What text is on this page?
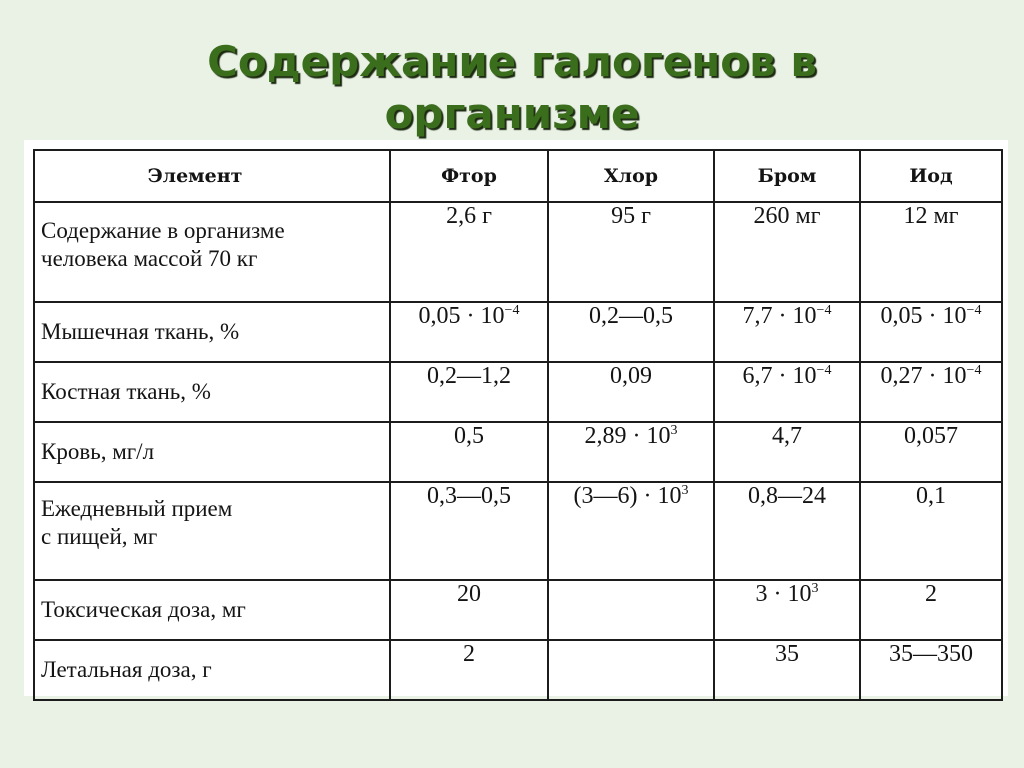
Содержание галогенов в
организме
Элемент	Фтор	Хлор	Бром	Иод

Содержание в организме
человека массой 70 кг	2,6 г	95 г	260 мг	12 мг
Мышечная ткань, %	$0,05 \cdot 10^{-4}$	0,2—0,5	$7,7 \cdot 10^{-4}$	$0,05 \cdot 10^{-4}$
Костная ткань, %	0,2—1,2	0,09	$6,7 \cdot 10^{-4}$	$0,27 \cdot 10^{-4}$
Кровь, мг/л	0,5	$2,89 \cdot 10^3$	4,7	0,057

Ежедневный прием
с пищей, мг	0,3—0,5	(3—6) · $10^3$	0,8—24	0,1
Токсическая доза, мг	20		$3 \cdot 10^3$	2
Летальная доза, г	2		35	35—350
